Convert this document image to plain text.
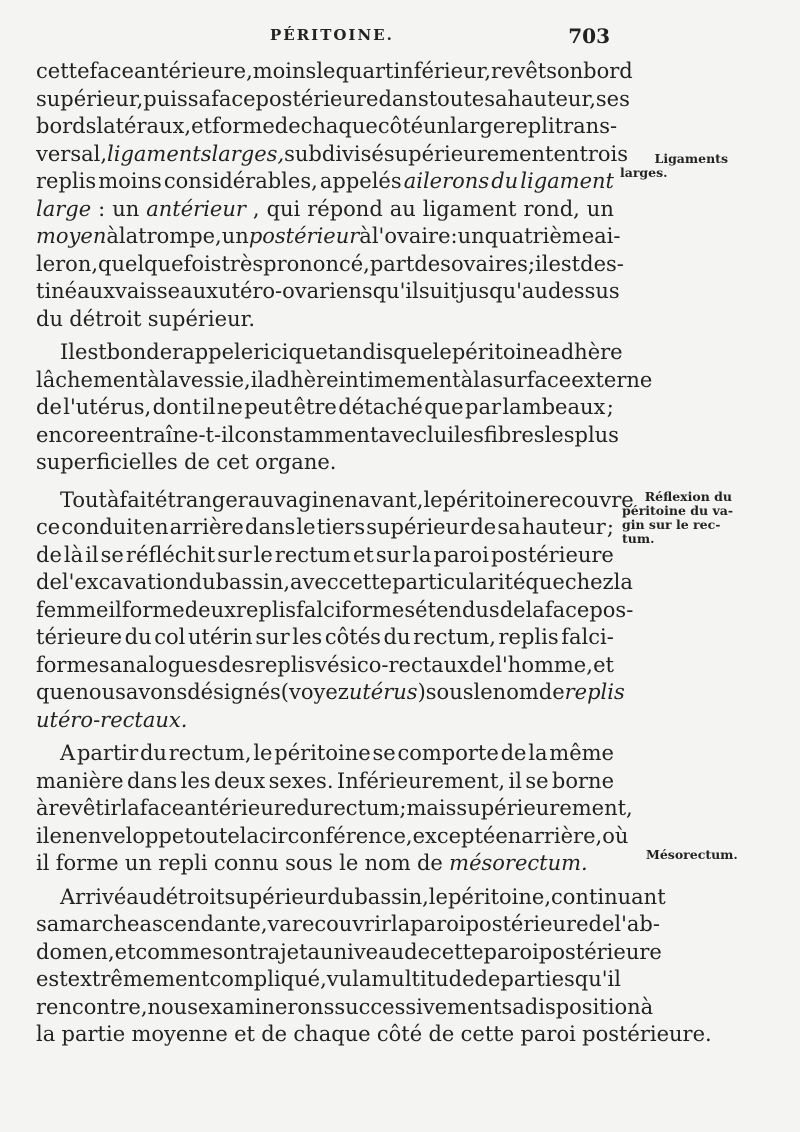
PÉRITOINE.	703
cette face antérieure, moins le quart inférieur, revêt son bord
supérieur, puis sa face postérieure dans toute sa hauteur, ses
bords latéraux, et forme de chaque côté un large repli trans-
versal, ligaments larges, subdivisé supérieurement en trois
replis moins considérables, appelés ailerons du ligament
large : un antérieur , qui répond au ligament rond, un
moyen à la trompe, un postérieur à l'ovaire : un quatrième ai-
leron , quelquefois très prononcé, part des ovaires ; il est des-
tiné aux vaisseaux utéro-ovariens qu'il suit jusqu'au dessus
du détroit supérieur.
Il est bon de rappeler ici que tandis que le péritoine adhère
lâchement à la vessie, il adhère intimement à la surface externe
de l'utérus, dont il ne peut être détaché que par lambeaux ;
encore entraîne-t-il constamment avec lui les fibres les plus
superficielles de cet organe.
Tout à fait étranger au vagin en avant, le péritoine recouvre
ce conduit en arrière dans le tiers supérieur de sa hauteur ;
de là il se réfléchit sur le rectum et sur la paroi postérieure
de l'excavation du bassin, avec cette particularité que chez la
femme il forme deux replis falciformes étendus de la face pos-
térieure du col utérin sur les côtés du rectum, replis falci-
formes analogues des replis vésico-rectaux de l'homme, et
que nous avons désignés (voyez utérus ) sous le nom de replis
utéro-rectaux.
A partir du rectum, le péritoine se comporte de la même
manière dans les deux sexes. Inférieurement, il se borne
à revêtir la face antérieure du rectum ; mais supérieurement,
il en enveloppe toute la circonférence, excepté en arrière, où
il forme un repli connu sous le nom de mésorectum.
Arrivé au détroit supérieur du bassin, le péritoine, continuant
sa marche ascendante, va recouvrir la paroi postérieure de l'ab-
domen, et comme son trajet au niveau de cette paroi postérieure
est extrêmement compliqué, vu la multitude de parties qu'il
rencontre, nous examinerons successivement sa disposition à
la partie moyenne et de chaque côté de cette paroi postérieure.
Ligaments
larges.
Réflexion du
péritoine du va-
gin sur le rec-
tum.
Mésorectum.
